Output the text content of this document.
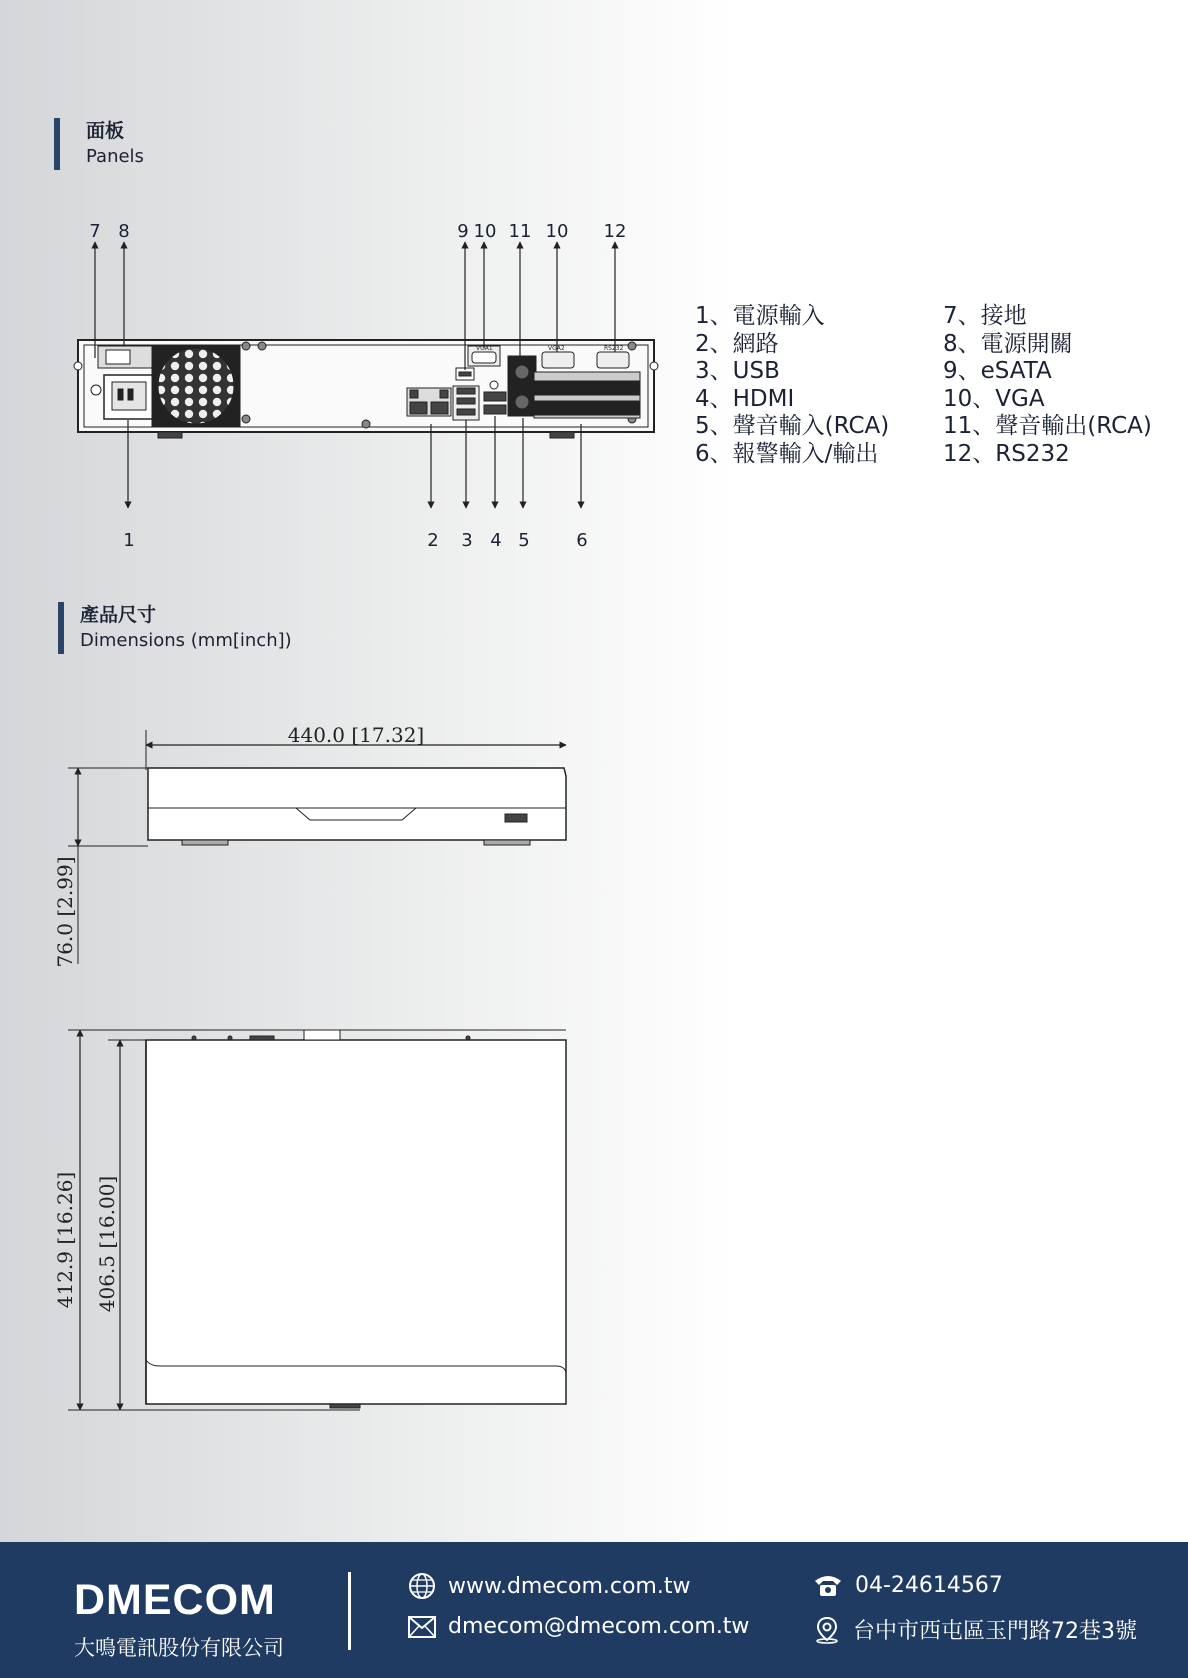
面板
Panels
產品尺寸
Dimensions (mm[inch])
VGA1	VGA2	RS232
7 8	9 10 11 10 12
1	2 3 4 5	6
440.0 [17.32]
76.0 [2.99]
412.9 [16.26] 406.5 [16.00]
1、電源輸入
2、網路
3、USB
4、HDMI
5、聲音輸入(RCA)
6、報警輸入/輸出
7、接地
8、電源開關
9、eSATA
10、VGA
11、聲音輸出(RCA)
12、RS232
DMECOM
大鳴電訊股份有限公司
www.dmecom.com.tw
dmecom@dmecom.com.tw
04-24614567
台中市西屯區玉門路72巷3號
